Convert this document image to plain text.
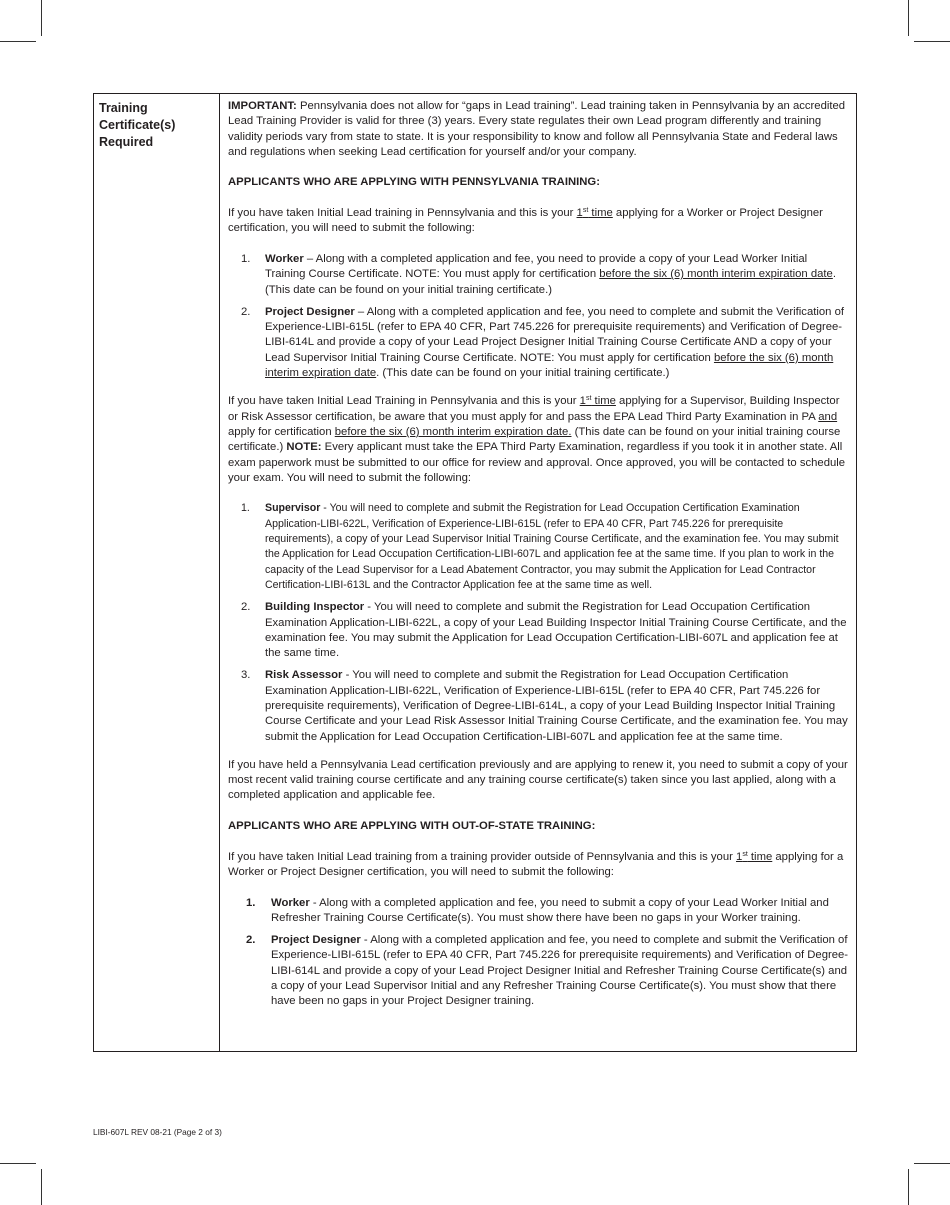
Training
Certificate(s)
Required

IMPORTANT: Pennsylvania does not allow for “gaps in Lead training”. Lead training taken in Pennsylvania by an accredited Lead Training Provider is valid for three (3) years. Every state regulates their own Lead program differently and training validity periods vary from state to state. It is your responsibility to know and follow all Pennsylvania State and Federal laws and regulations when seeking Lead certification for yourself and/or your company.

APPLICANTS WHO ARE APPLYING WITH PENNSYLVANIA TRAINING:

If you have taken Initial Lead training in Pennsylvania and this is your 1st time applying for a Worker or Project Designer certification, you will need to submit the following:

1. Worker – Along with a completed application and fee, you need to provide a copy of your Lead Worker Initial Training Course Certificate. NOTE: You must apply for certification before the six (6) month interim expiration date. (This date can be found on your initial training certificate.)
2. Project Designer – Along with a completed application and fee, you need to complete and submit the Verification of Experience-LIBI-615L (refer to EPA 40 CFR, Part 745.226 for prerequisite requirements) and Verification of Degree-LIBI-614L and provide a copy of your Lead Project Designer Initial Training Course Certificate AND a copy of your Lead Supervisor Initial Training Course Certificate. NOTE: You must apply for certification before the six (6) month interim expiration date. (This date can be found on your initial training certificate.)

If you have taken Initial Lead Training in Pennsylvania and this is your 1st time applying for a Supervisor, Building Inspector or Risk Assessor certification, be aware that you must apply for and pass the EPA Lead Third Party Examination in PA and apply for certification before the six (6) month interim expiration date. (This date can be found on your initial training course certificate.) NOTE: Every applicant must take the EPA Third Party Examination, regardless if you took it in another state. All exam paperwork must be submitted to our office for review and approval. Once approved, you will be contacted to schedule your exam. You will need to submit the following:

1. Supervisor - You will need to complete and submit the Registration for Lead Occupation Certification Examination Application-LIBI-622L, Verification of Experience-LIBI-615L (refer to EPA 40 CFR, Part 745.226 for prerequisite requirements), a copy of your Lead Supervisor Initial Training Course Certificate, and the examination fee. You may submit the Application for Lead Occupation Certification-LIBI-607L and application fee at the same time. If you plan to work in the capacity of the Lead Supervisor for a Lead Abatement Contractor, you may submit the Application for Lead Contractor Certification-LIBI-613L and the Contractor Application fee at the same time as well.
2. Building Inspector - You will need to complete and submit the Registration for Lead Occupation Certification Examination Application-LIBI-622L, a copy of your Lead Building Inspector Initial Training Course Certificate, and the examination fee. You may submit the Application for Lead Occupation Certification-LIBI-607L and application fee at the same time.
3. Risk Assessor - You will need to complete and submit the Registration for Lead Occupation Certification Examination Application-LIBI-622L, Verification of Experience-LIBI-615L (refer to EPA 40 CFR, Part 745.226 for prerequisite requirements), Verification of Degree-LIBI-614L, a copy of your Lead Building Inspector Initial Training Course Certificate and your Lead Risk Assessor Initial Training Course Certificate, and the examination fee. You may submit the Application for Lead Occupation Certification-LIBI-607L and application fee at the same time.

If you have held a Pennsylvania Lead certification previously and are applying to renew it, you need to submit a copy of your most recent valid training course certificate and any training course certificate(s) taken since you last applied, along with a completed application and applicable fee.

APPLICANTS WHO ARE APPLYING WITH OUT-OF-STATE TRAINING:

If you have taken Initial Lead training from a training provider outside of Pennsylvania and this is your 1st time applying for a Worker or Project Designer certification, you will need to submit the following:

1. Worker - Along with a completed application and fee, you need to submit a copy of your Lead Worker Initial and Refresher Training Course Certificate(s). You must show there have been no gaps in your Worker training.
2. Project Designer - Along with a completed application and fee, you need to complete and submit the Verification of Experience-LIBI-615L (refer to EPA 40 CFR, Part 745.226 for prerequisite requirements) and Verification of Degree-LIBI-614L and provide a copy of your Lead Project Designer Initial and Refresher Training Course Certificate(s) and a copy of your Lead Supervisor Initial and any Refresher Training Course Certificate(s). You must show that there have been no gaps in your Project Designer training.
LIBI-607L REV 08-21 (Page 2 of 3)
